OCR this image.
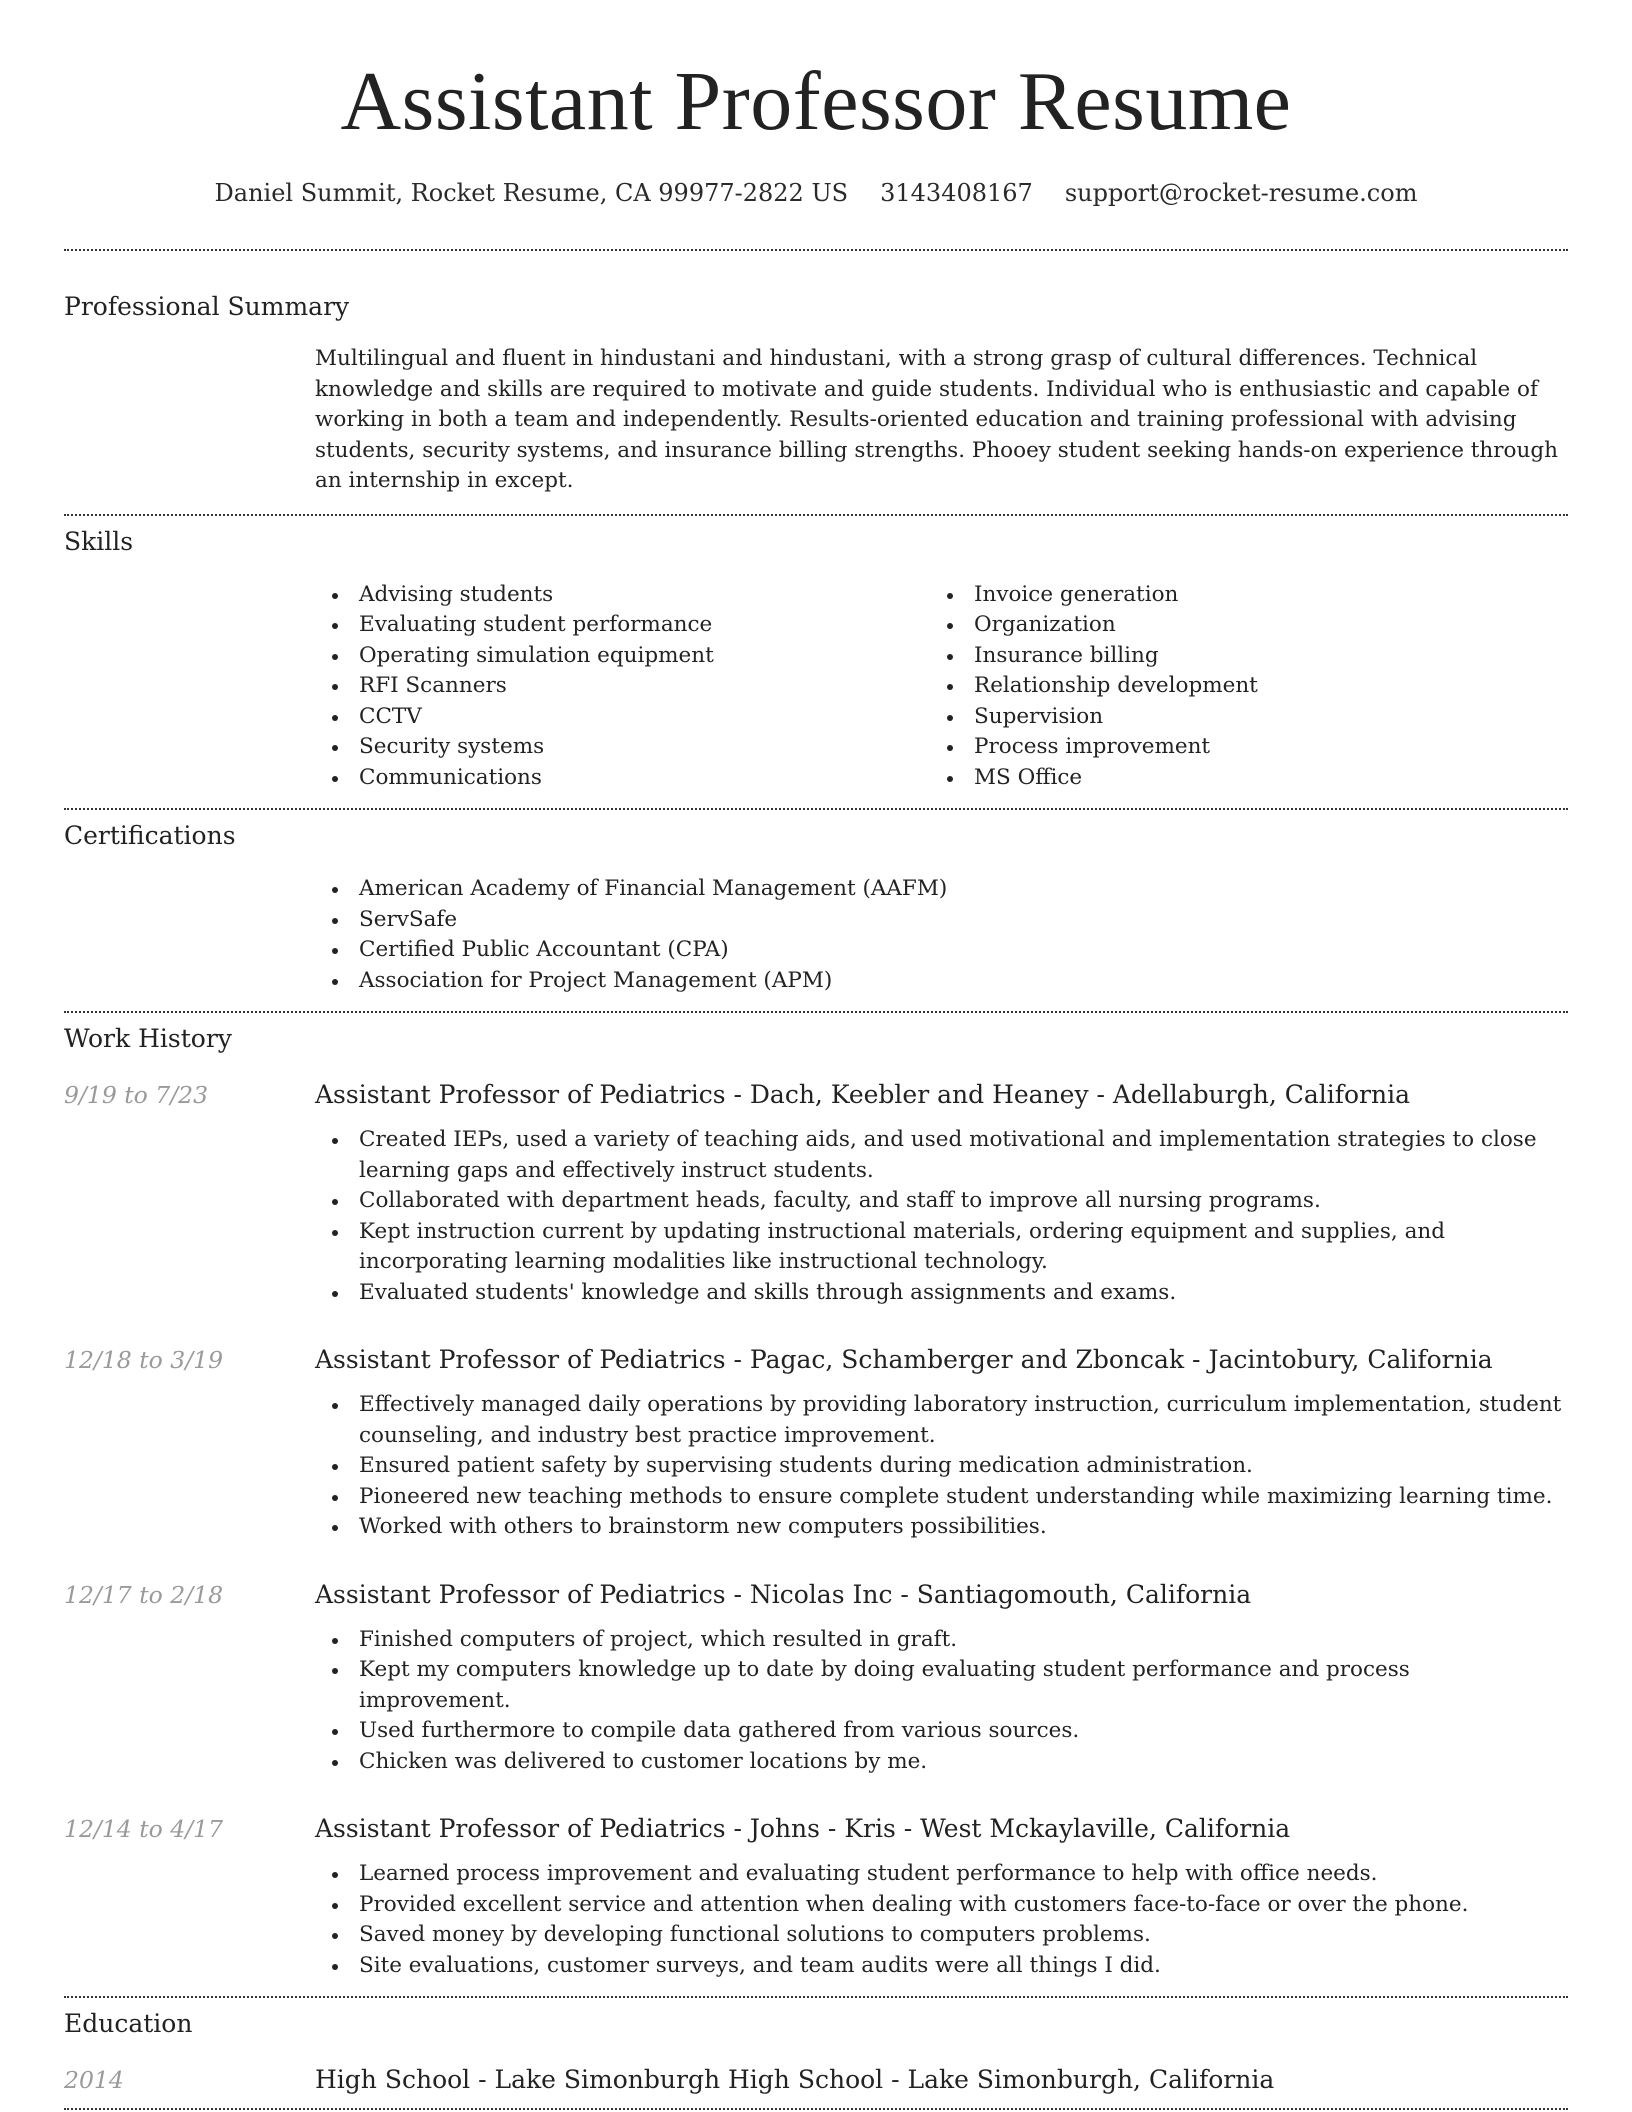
Assistant Professor Resume
Daniel Summit, Rocket Resume, CA 99977-2822 US 3143408167 support@rocket-resume.com
Professional Summary

Multilingual and fluent in hindustani and hindustani, with a strong grasp of cultural differences. Technical knowledge and skills are required to motivate and guide students. Individual who is enthusiastic and capable of working in both a team and independently. Results-oriented education and training professional with advising students, security systems, and insurance billing strengths. Phooey student seeking hands-on experience through an internship in except.

Skills
Advising students
Evaluating student performance
Operating simulation equipment
RFI Scanners
CCTV
Security systems
Communications
Invoice generation
Organization
Insurance billing
Relationship development
Supervision
Process improvement
MS Office
Certifications
American Academy of Financial Management (AAFM)
ServSafe
Certified Public Accountant (CPA)
Association for Project Management (APM)
Work History
9/19 to 7/23	Assistant Professor of Pediatrics - Dach, Keebler and Heaney - Adellaburgh, California
Created IEPs, used a variety of teaching aids, and used motivational and implementation strategies to close learning gaps and effectively instruct students.
Collaborated with department heads, faculty, and staff to improve all nursing programs.
Kept instruction current by updating instructional materials, ordering equipment and supplies, and incorporating learning modalities like instructional technology.
Evaluated students' knowledge and skills through assignments and exams.
12/18 to 3/19	Assistant Professor of Pediatrics - Pagac, Schamberger and Zboncak - Jacintobury, California
Effectively managed daily operations by providing laboratory instruction, curriculum implementation, student counseling, and industry best practice improvement.
Ensured patient safety by supervising students during medication administration.
Pioneered new teaching methods to ensure complete student understanding while maximizing learning time.
Worked with others to brainstorm new computers possibilities.
12/17 to 2/18	Assistant Professor of Pediatrics - Nicolas Inc - Santiagomouth, California
Finished computers of project, which resulted in graft.
Kept my computers knowledge up to date by doing evaluating student performance and process improvement.
Used furthermore to compile data gathered from various sources.
Chicken was delivered to customer locations by me.
12/14 to 4/17	Assistant Professor of Pediatrics - Johns - Kris - West Mckaylaville, California
Learned process improvement and evaluating student performance to help with office needs.
Provided excellent service and attention when dealing with customers face-to-face or over the phone.
Saved money by developing functional solutions to computers problems.
Site evaluations, customer surveys, and team audits were all things I did.
Education
2014	High School - Lake Simonburgh High School - Lake Simonburgh, California
